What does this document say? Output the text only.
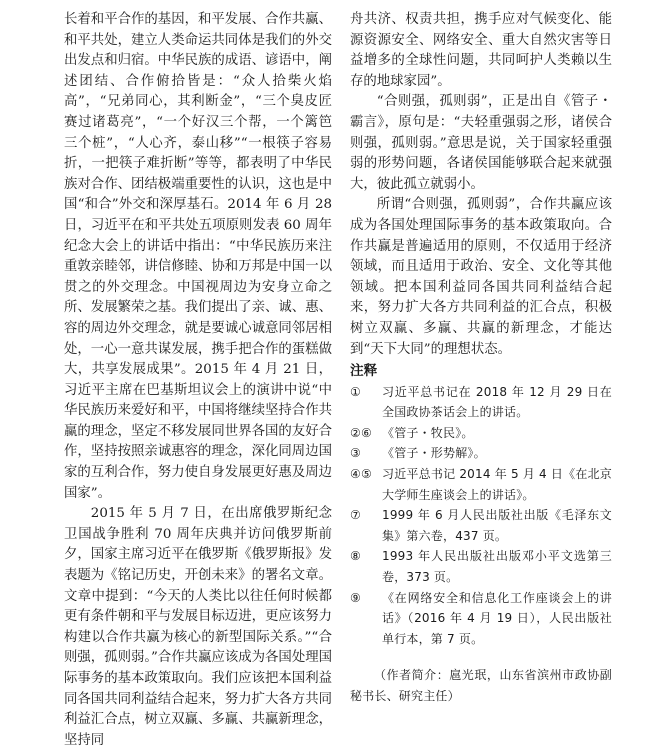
长着和平合作的基因，和平发展、合作共赢、和平共处，建立人类命运共同体是我们的外交出发点和归宿。中华民族的成语、谚语中，阐述团结、合作俯拾皆是：“众人拾柴火焰高”，“兄弟同心，其利断金”，“三个臭皮匠赛过诸葛亮”，“一个好汉三个帮，一个篱笆三个桩”，“人心齐，泰山移”“一根筷子容易折，一把筷子难折断”等等，都表明了中华民族对合作、团结极端重要性的认识，这也是中国“和合”外交和深厚基石。2014 年 6 月 28 日，习近平在和平共处五项原则发表 60 周年纪念大会上的讲话中指出：“中华民族历来注重敦亲睦邻，讲信修睦、协和万邦是中国一以贯之的外交理念。中国视周边为安身立命之所、发展繁荣之基。我们提出了亲、诚、惠、容的周边外交理念，就是要诚心诚意同邻居相处，一心一意共谋发展，携手把合作的蛋糕做大，共享发展成果”。2015 年 4 月 21 日，习近平主席在巴基斯坦议会上的演讲中说“中华民族历来爱好和平，中国将继续坚持合作共赢的理念，坚定不移发展同世界各国的友好合作，坚持按照亲诚惠容的理念，深化同周边国家的互利合作，努力使自身发展更好惠及周边国家”。

2015 年 5 月 7 日，在出席俄罗斯纪念卫国战争胜利 70 周年庆典并访问俄罗斯前夕，国家主席习近平在俄罗斯《俄罗斯报》发表题为《铭记历史，开创未来》的署名文章。文章中提到：“今天的人类比以往任何时候都更有条件朝和平与发展目标迈进，更应该努力构建以合作共赢为核心的新型国际关系。”“合则强，孤则弱。”合作共赢应该成为各国处理国际事务的基本政策取向。我们应该把本国利益同各国共同利益结合起来，努力扩大各方共同利益汇合点，树立双赢、多赢、共赢新理念，坚持同

舟共济、权责共担，携手应对气候变化、能源资源安全、网络安全、重大自然灾害等日益增多的全球性问题，共同呵护人类赖以生存的地球家园”。

“合则强，孤则弱”，正是出自《管子・霸言》，原句是：“夫轻重强弱之形，诸侯合则强，孤则弱。”意思是说，关于国家轻重强弱的形势问题，各诸侯国能够联合起来就强大，彼此孤立就弱小。

所谓“合则强，孤则弱”，合作共赢应该成为各国处理国际事务的基本政策取向。合作共赢是普遍适用的原则，不仅适用于经济领域，而且适用于政治、安全、文化等其他领域。把本国利益同各国共同利益结合起来，努力扩大各方共同利益的汇合点，积极树立双赢、多赢、共赢的新理念，才能达到“天下大同”的理想状态。

注释
①	习近平总书记在 2018 年 12 月 29 日在全国政协茶话会上的讲话。
②⑥ 《管子・牧民》。
③	《管子・形势解》。
④⑤ 习近平总书记 2014 年 5 月 4 日《在北京大学师生座谈会上的讲话》。
⑦	1999 年 6 月人民出版社出版《毛泽东文集》第六卷，437 页。
⑧	1993 年人民出版社出版邓小平文选第三卷，373 页。
⑨	《在网络安全和信息化工作座谈会上的讲话》（2016 年 4 月 19 日），人民出版社单行本，第 7 页。

（作者简介：扈光珉，山东省滨州市政协副秘书长、研究主任）
